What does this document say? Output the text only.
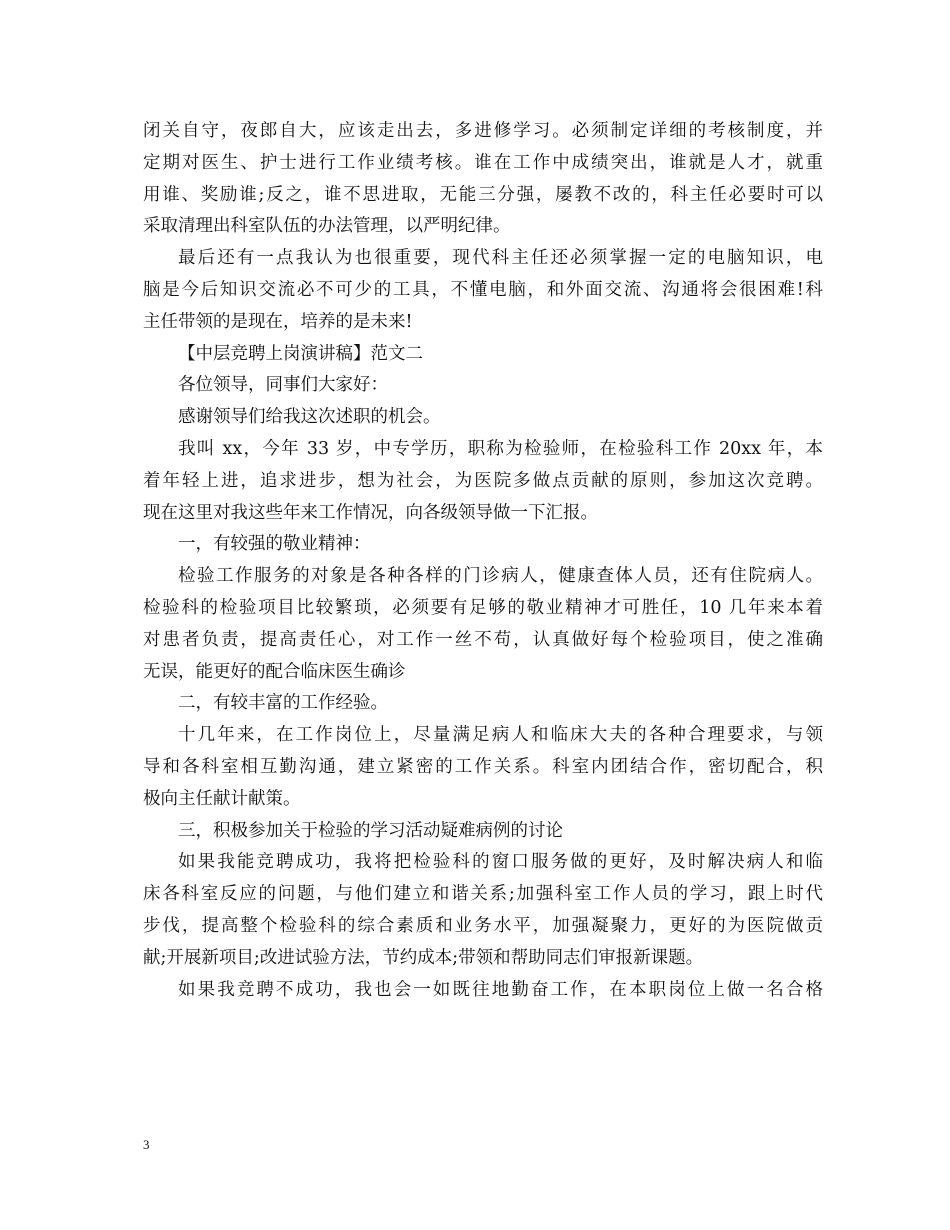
闭关自守，夜郎自大，应该走出去，多进修学习。必须制定详细的考核制度，并
定期对医生、护士进行工作业绩考核。谁在工作中成绩突出，谁就是人才，就重
用谁、奖励谁;反之，谁不思进取，无能三分强，屡教不改的，科主任必要时可以
采取清理出科室队伍的办法管理，以严明纪律。
最后还有一点我认为也很重要，现代科主任还必须掌握一定的电脑知识，电
脑是今后知识交流必不可少的工具，不懂电脑，和外面交流、沟通将会很困难!科
主任带领的是现在，培养的是未来!
【中层竞聘上岗演讲稿】范文二
各位领导，同事们大家好：
感谢领导们给我这次述职的机会。
我叫 xx，今年 33 岁，中专学历，职称为检验师，在检验科工作 20xx 年，本
着年轻上进，追求进步，想为社会，为医院多做点贡献的原则，参加这次竞聘。
现在这里对我这些年来工作情况，向各级领导做一下汇报。
一，有较强的敬业精神：
检验工作服务的对象是各种各样的门诊病人，健康查体人员，还有住院病人。
检验科的检验项目比较繁琐，必须要有足够的敬业精神才可胜任，10 几年来本着
对患者负责，提高责任心，对工作一丝不苟，认真做好每个检验项目，使之准确
无误，能更好的配合临床医生确诊
二，有较丰富的工作经验。
十几年来，在工作岗位上，尽量满足病人和临床大夫的各种合理要求，与领
导和各科室相互勤沟通，建立紧密的工作关系。科室内团结合作，密切配合，积
极向主任献计献策。
三，积极参加关于检验的学习活动疑难病例的讨论
如果我能竞聘成功，我将把检验科的窗口服务做的更好，及时解决病人和临
床各科室反应的问题，与他们建立和谐关系;加强科室工作人员的学习，跟上时代
步伐，提高整个检验科的综合素质和业务水平，加强凝聚力，更好的为医院做贡
献;开展新项目;改进试验方法，节约成本;带领和帮助同志们审报新课题。
如果我竞聘不成功，我也会一如既往地勤奋工作，在本职岗位上做一名合格
3
